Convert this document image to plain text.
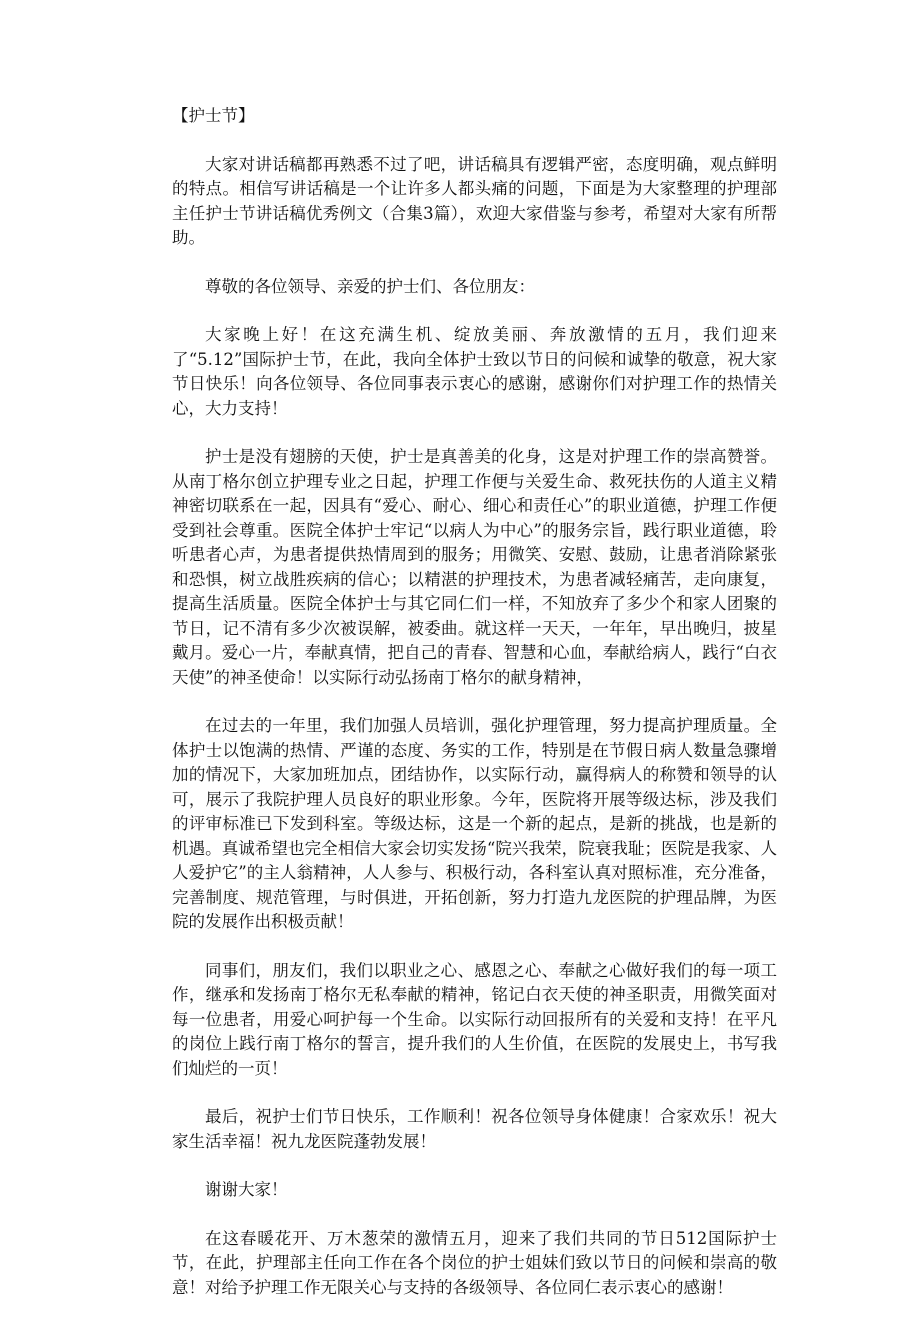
【护士节】

大家对讲话稿都再熟悉不过了吧，讲话稿具有逻辑严密，态度明确，观点鲜明的特点。相信写讲话稿是一个让许多人都头痛的问题，下面是为大家整理的护理部主任护士节讲话稿优秀例文（合集3篇），欢迎大家借鉴与参考，希望对大家有所帮助。

尊敬的各位领导、亲爱的护士们、各位朋友：

大家晚上好！在这充满生机、绽放美丽、奔放激情的五月，我们迎来了“5.12”国际护士节，在此，我向全体护士致以节日的问候和诚挚的敬意，祝大家节日快乐！向各位领导、各位同事表示衷心的感谢，感谢你们对护理工作的热情关心，大力支持！

护士是没有翅膀的天使，护士是真善美的化身，这是对护理工作的崇高赞誉。从南丁格尔创立护理专业之日起，护理工作便与关爱生命、救死扶伤的人道主义精神密切联系在一起，因具有“爱心、耐心、细心和责任心”的职业道德，护理工作便受到社会尊重。医院全体护士牢记“以病人为中心”的服务宗旨，践行职业道德，聆听患者心声，为患者提供热情周到的服务；用微笑、安慰、鼓励，让患者消除紧张和恐惧，树立战胜疾病的信心；以精湛的护理技术，为患者减轻痛苦，走向康复，提高生活质量。医院全体护士与其它同仁们一样，不知放弃了多少个和家人团聚的节日，记不清有多少次被误解，被委曲。就这样一天天，一年年，早出晚归，披星戴月。爱心一片，奉献真情，把自己的青春、智慧和心血，奉献给病人，践行“白衣天使”的神圣使命！以实际行动弘扬南丁格尔的献身精神，

在过去的一年里，我们加强人员培训，强化护理管理，努力提高护理质量。全体护士以饱满的热情、严谨的态度、务实的工作，特别是在节假日病人数量急骤增加的情况下，大家加班加点，团结协作，以实际行动，赢得病人的称赞和领导的认可，展示了我院护理人员良好的职业形象。今年，医院将开展等级达标，涉及我们的评审标准已下发到科室。等级达标，这是一个新的起点，是新的挑战，也是新的机遇。真诚希望也完全相信大家会切实发扬“院兴我荣，院衰我耻；医院是我家、人人爱护它”的主人翁精神，人人参与、积极行动，各科室认真对照标准，充分准备，完善制度、规范管理，与时俱进，开拓创新，努力打造九龙医院的护理品牌，为医院的发展作出积极贡献！

同事们，朋友们，我们以职业之心、感恩之心、奉献之心做好我们的每一项工作，继承和发扬南丁格尔无私奉献的精神，铭记白衣天使的神圣职责，用微笑面对每一位患者，用爱心呵护每一个生命。以实际行动回报所有的关爱和支持！在平凡的岗位上践行南丁格尔的誓言，提升我们的人生价值，在医院的发展史上，书写我们灿烂的一页！

最后，祝护士们节日快乐，工作顺利！祝各位领导身体健康！合家欢乐！祝大家生活幸福！祝九龙医院蓬勃发展！

谢谢大家！

在这春暖花开、万木葱荣的激情五月，迎来了我们共同的节日512国际护士节，在此，护理部主任向工作在各个岗位的护士姐妹们致以节日的问候和崇高的敬意！对给予护理工作无限关心与支持的各级领导、各位同仁表示衷心的感谢！
